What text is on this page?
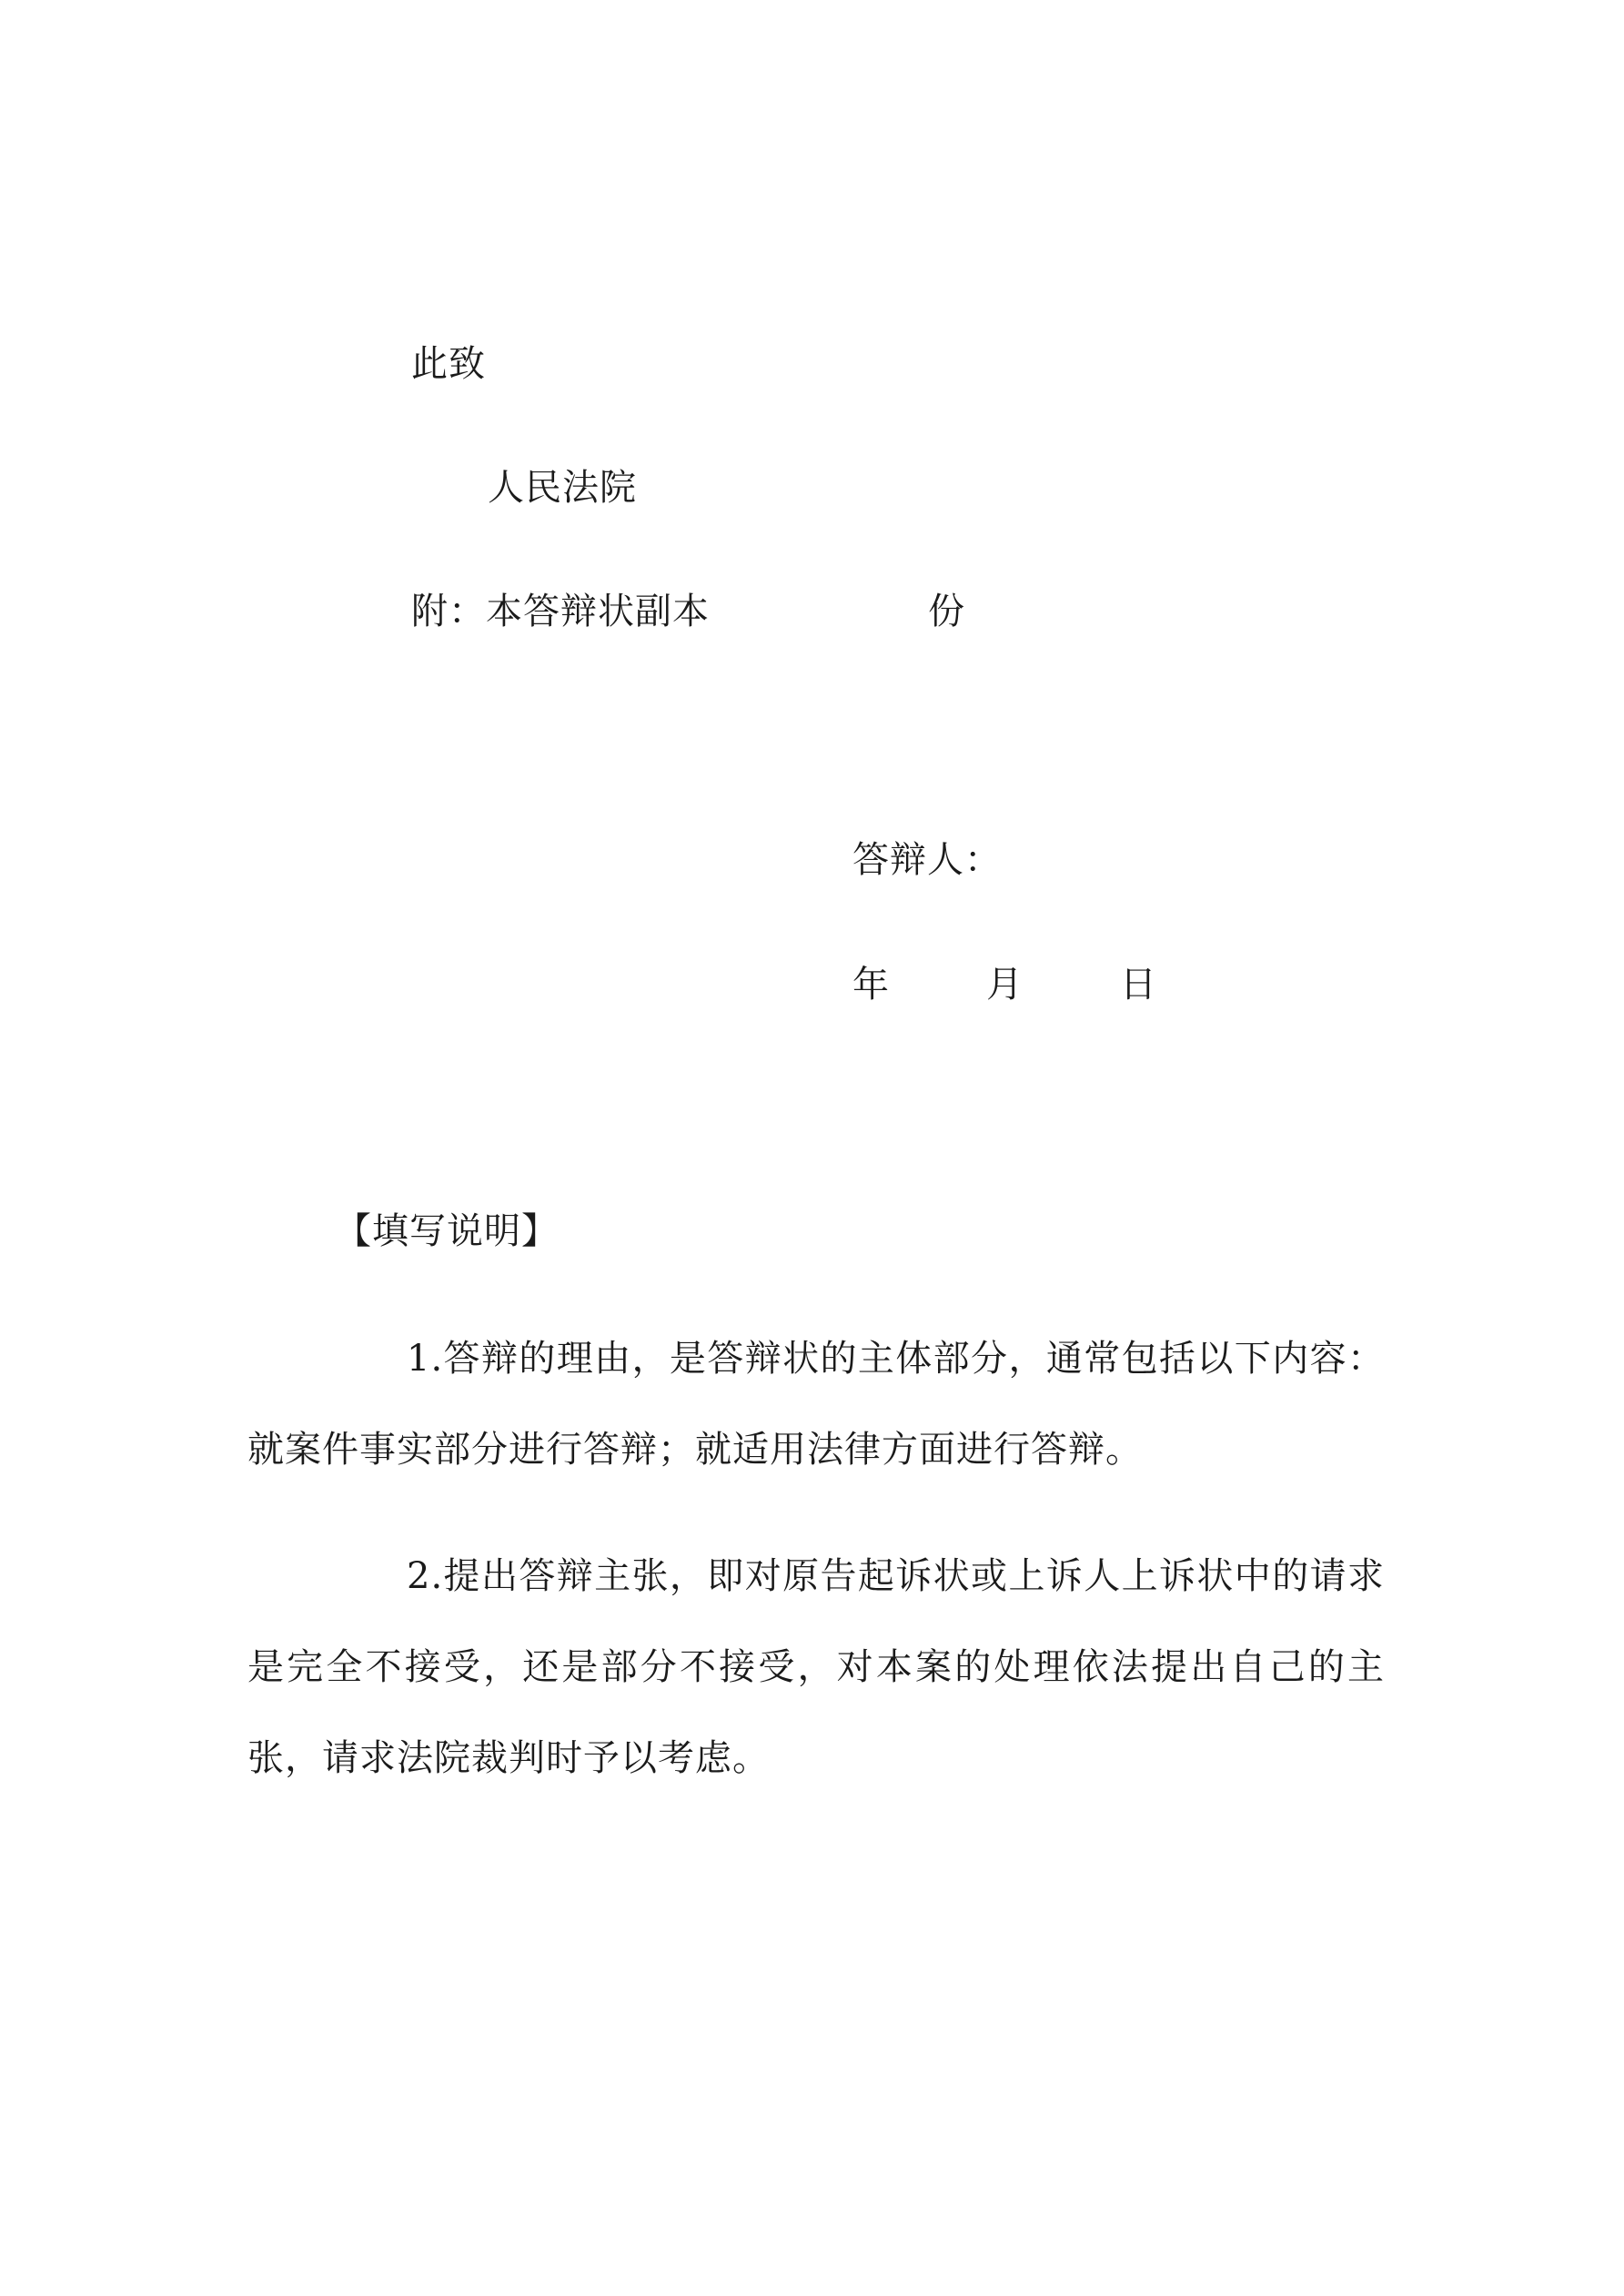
此致
人民法院
附：本答辩状副本	份
答辩人：
年	月	日
【填写说明】

1.答辩的理由，是答辩状的主体部分，通常包括以下内容：就案件事实部分进行答辩；就适用法律方面进行答辩。

2.提出答辩主张，即对原告起诉状或上诉人上诉状中的请求是完全不接受，还是部分不接受，对本案的处理依法提出自己的主张，请求法院裁判时予以考虑。
